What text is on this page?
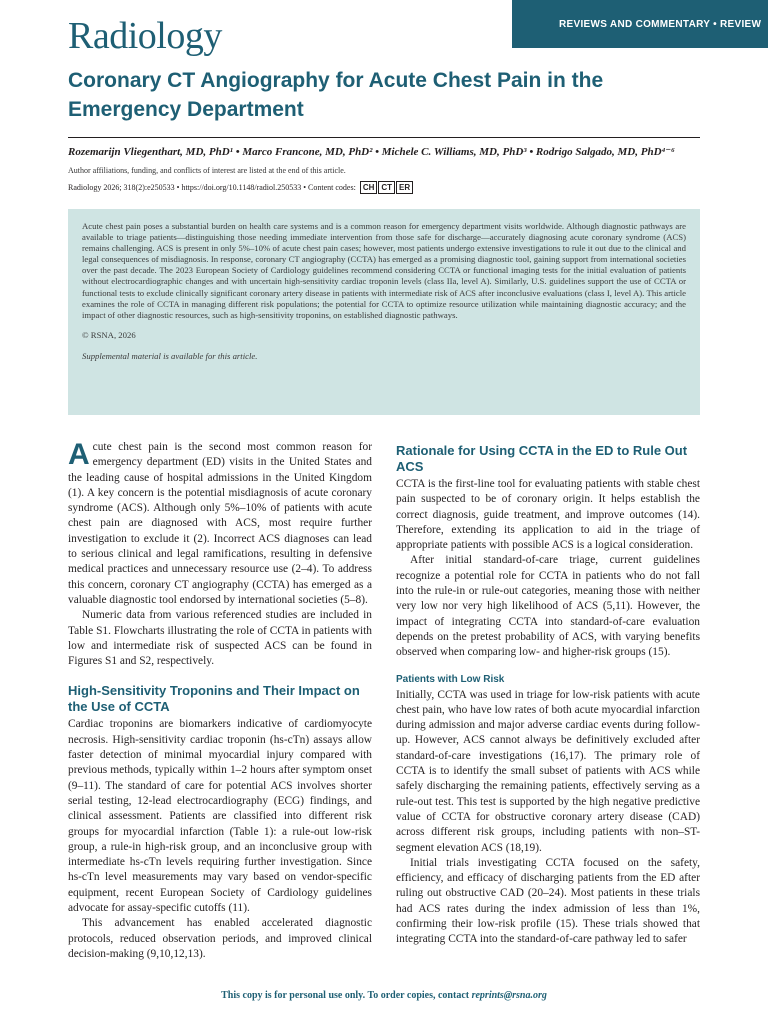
Radiology	REVIEWS AND COMMENTARY • REVIEW
Coronary CT Angiography for Acute Chest Pain in the Emergency Department
Rozemarijn Vliegenthart, MD, PhD¹ • Marco Francone, MD, PhD² • Michele C. Williams, MD, PhD³ • Rodrigo Salgado, MD, PhD⁴⁻⁶
Author affiliations, funding, and conflicts of interest are listed at the end of this article.
Radiology 2026; 318(2):e250533 • https://doi.org/10.1148/radiol.250533 • Content codes: CH CT ER

Acute chest pain poses a substantial burden on health care systems and is a common reason for emergency department visits worldwide. Although diagnostic pathways are available to triage patients—distinguishing those needing immediate intervention from those safe for discharge—accurately diagnosing acute coronary syndrome (ACS) remains challenging. ACS is present in only 5%–10% of acute chest pain cases; however, most patients undergo extensive investigations to rule it out due to the clinical and legal consequences of misdiagnosis. In response, coronary CT angiography (CCTA) has emerged as a promising diagnostic tool, gaining support from international societies over the past decade. The 2023 European Society of Cardiology guidelines recommend considering CCTA or functional imaging tests for the initial evaluation of patients without electrocardiographic changes and with uncertain high-sensitivity cardiac troponin levels (class IIa, level A). Similarly, U.S. guidelines support the use of CCTA or functional tests to exclude clinically significant coronary artery disease in patients with intermediate risk of ACS after inconclusive evaluations (class I, level A). This article examines the role of CCTA in managing different risk populations; the potential for CCTA to optimize resource utilization while maintaining diagnostic accuracy; and the impact of other diagnostic resources, such as high-sensitivity troponins, on established diagnostic pathways.

© RSNA, 2026

Supplemental material is available for this article.

Acute chest pain is the second most common reason for emergency department (ED) visits in the United States and the leading cause of hospital admissions in the United Kingdom (1). A key concern is the potential misdiagnosis of acute coronary syndrome (ACS). Although only 5%–10% of patients with acute chest pain are diagnosed with ACS, most require further investigation to exclude it (2). Incorrect ACS diagnoses can lead to serious clinical and legal ramifications, resulting in defensive medical practices and unnecessary resource use (2–4). To address this concern, coronary CT angiography (CCTA) has emerged as a valuable diagnostic tool endorsed by international societies (5–8).

Numeric data from various referenced studies are included in Table S1. Flowcharts illustrating the role of CCTA in patients with low and intermediate risk of suspected ACS can be found in Figures S1 and S2, respectively.

High-Sensitivity Troponins and Their Impact on the Use of CCTA

Cardiac troponins are biomarkers indicative of cardiomyocyte necrosis. High-sensitivity cardiac troponin (hs-cTn) assays allow faster detection of minimal myocardial injury compared with previous methods, typically within 1–2 hours after symptom onset (9–11). The standard of care for potential ACS involves shorter serial testing, 12-lead electrocardiography (ECG) findings, and clinical assessment. Patients are classified into different risk groups for myocardial infarction (Table 1): a rule-out low-risk group, a rule-in high-risk group, and an inconclusive group with intermediate hs-cTn levels requiring further investigation. Since hs-cTn level measurements may vary based on vendor-specific equipment, recent European Society of Cardiology guidelines advocate for assay-specific cutoffs (11).

This advancement has enabled accelerated diagnostic protocols, reduced observation periods, and improved clinical decision-making (9,10,12,13).

Rationale for Using CCTA in the ED to Rule Out ACS

CCTA is the first-line tool for evaluating patients with stable chest pain suspected to be of coronary origin. It helps establish the correct diagnosis, guide treatment, and improve outcomes (14). Therefore, extending its application to aid in the triage of appropriate patients with possible ACS is a logical consideration.

After initial standard-of-care triage, current guidelines recognize a potential role for CCTA in patients who do not fall into the rule-in or rule-out categories, meaning those with neither very low nor very high likelihood of ACS (5,11). However, the impact of integrating CCTA into standard-of-care evaluation depends on the pretest probability of ACS, with varying benefits observed when comparing low- and higher-risk groups (15).

Patients with Low Risk

Initially, CCTA was used in triage for low-risk patients with acute chest pain, who have low rates of both acute myocardial infarction during admission and major adverse cardiac events during follow-up. However, ACS cannot always be definitively excluded after standard-of-care investigations (16,17). The primary role of CCTA is to identify the small subset of patients with ACS while safely discharging the remaining patients, effectively serving as a rule-out test. This test is supported by the high negative predictive value of CCTA for obstructive coronary artery disease (CAD) across different risk groups, including patients with non–ST-segment elevation ACS (18,19).

Initial trials investigating CCTA focused on the safety, efficiency, and efficacy of discharging patients from the ED after ruling out obstructive CAD (20–24). Most patients in these trials had ACS rates during the index admission of less than 1%, confirming their low-risk profile (15). These trials showed that integrating CCTA into the standard-of-care pathway led to safer

This copy is for personal use only. To order copies, contact reprints@rsna.org
